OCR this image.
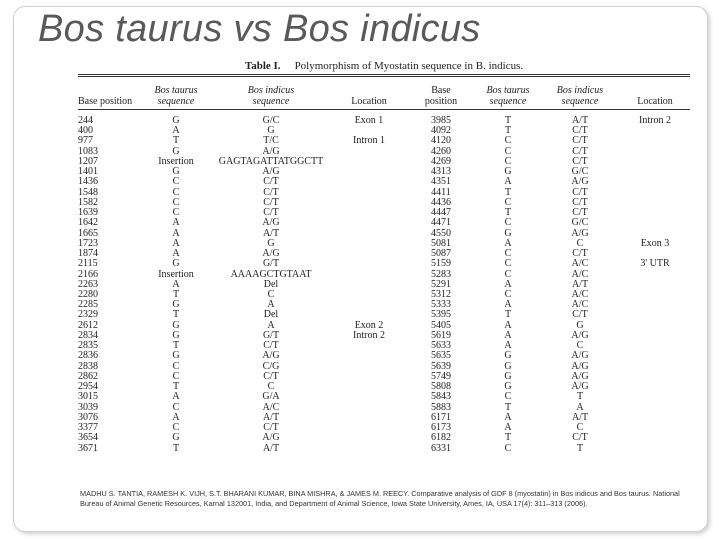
Bos taurus vs Bos indicus
Table I. Polymorphism of Myostatin sequence in B. indicus.
Base position
Bos taurus
sequence
Bos indicus
sequence	Location
Base
position
Bos taurus
sequence
Bos indicus
sequence	Location
244	G	G/C	Exon 1	3985	T	A/T	Intron 2
400	A	G	4092	T	C/T
977	T	T/C	Intron 1	4120	C	C/T
1083	G	A/G	4260	C	C/T
1207	Insertion	GAGTAGATTATGGCTT	4269	C	C/T
1401	G	A/G	4313	G	G/C
1436	C	C/T	4351	A	A/G
1548	C	C/T	4411	T	C/T
1582	C	C/T	4436	C	C/T
1639	C	C/T	4447	T	C/T
1642	A	A/G	4471	C	G/C
1665	A	A/T	4550	G	A/G
1723	A	G	5081	A	C	Exon 3
1874	A	A/G	5087	C	C/T
2115	G	G/T	5159	C	A/C	3' UTR
2166	Insertion	AAAAGCTGTAAT	5283	C	A/C
2263	A	Del	5291	A	A/T
2280	T	C	5312	C	A/C
2285	G	A	5333	A	A/C
2329	T	Del	5395	T	C/T
2612	G	A	Exon 2	5405	A	G
2834	G	G/T	Intron 2	5619	A	A/G
2835	T	C/T	5633	A	C
2836	G	A/G	5635	G	A/G
2838	C	C/G	5639	G	A/G
2862	C	C/T	5749	G	A/G
2954	T	C	5808	G	A/G
3015	A	G/A	5843	C	T
3039	C	A/C	5883	T	A
3076	A	A/T	6171	A	A/T
3377	C	C/T	6173	A	C
3654	G	A/G	6182	T	C/T
3671	T	A/T	6331	C	T
MADHU S. TANTIA, RAMESH K. VIJH, S.T. BHARANI KUMAR, BINA MISHRA, & JAMES M. REECY. Comparative analysis of GDF 8 (myostatin) in Bos indicus and Bos taurus. National Bureau of Animal Genetic Resources, Karnal 132001, India, and Department of Animal Science, Iowa State University, Ames, IA, USA 17(4): 311–313 (2006).
